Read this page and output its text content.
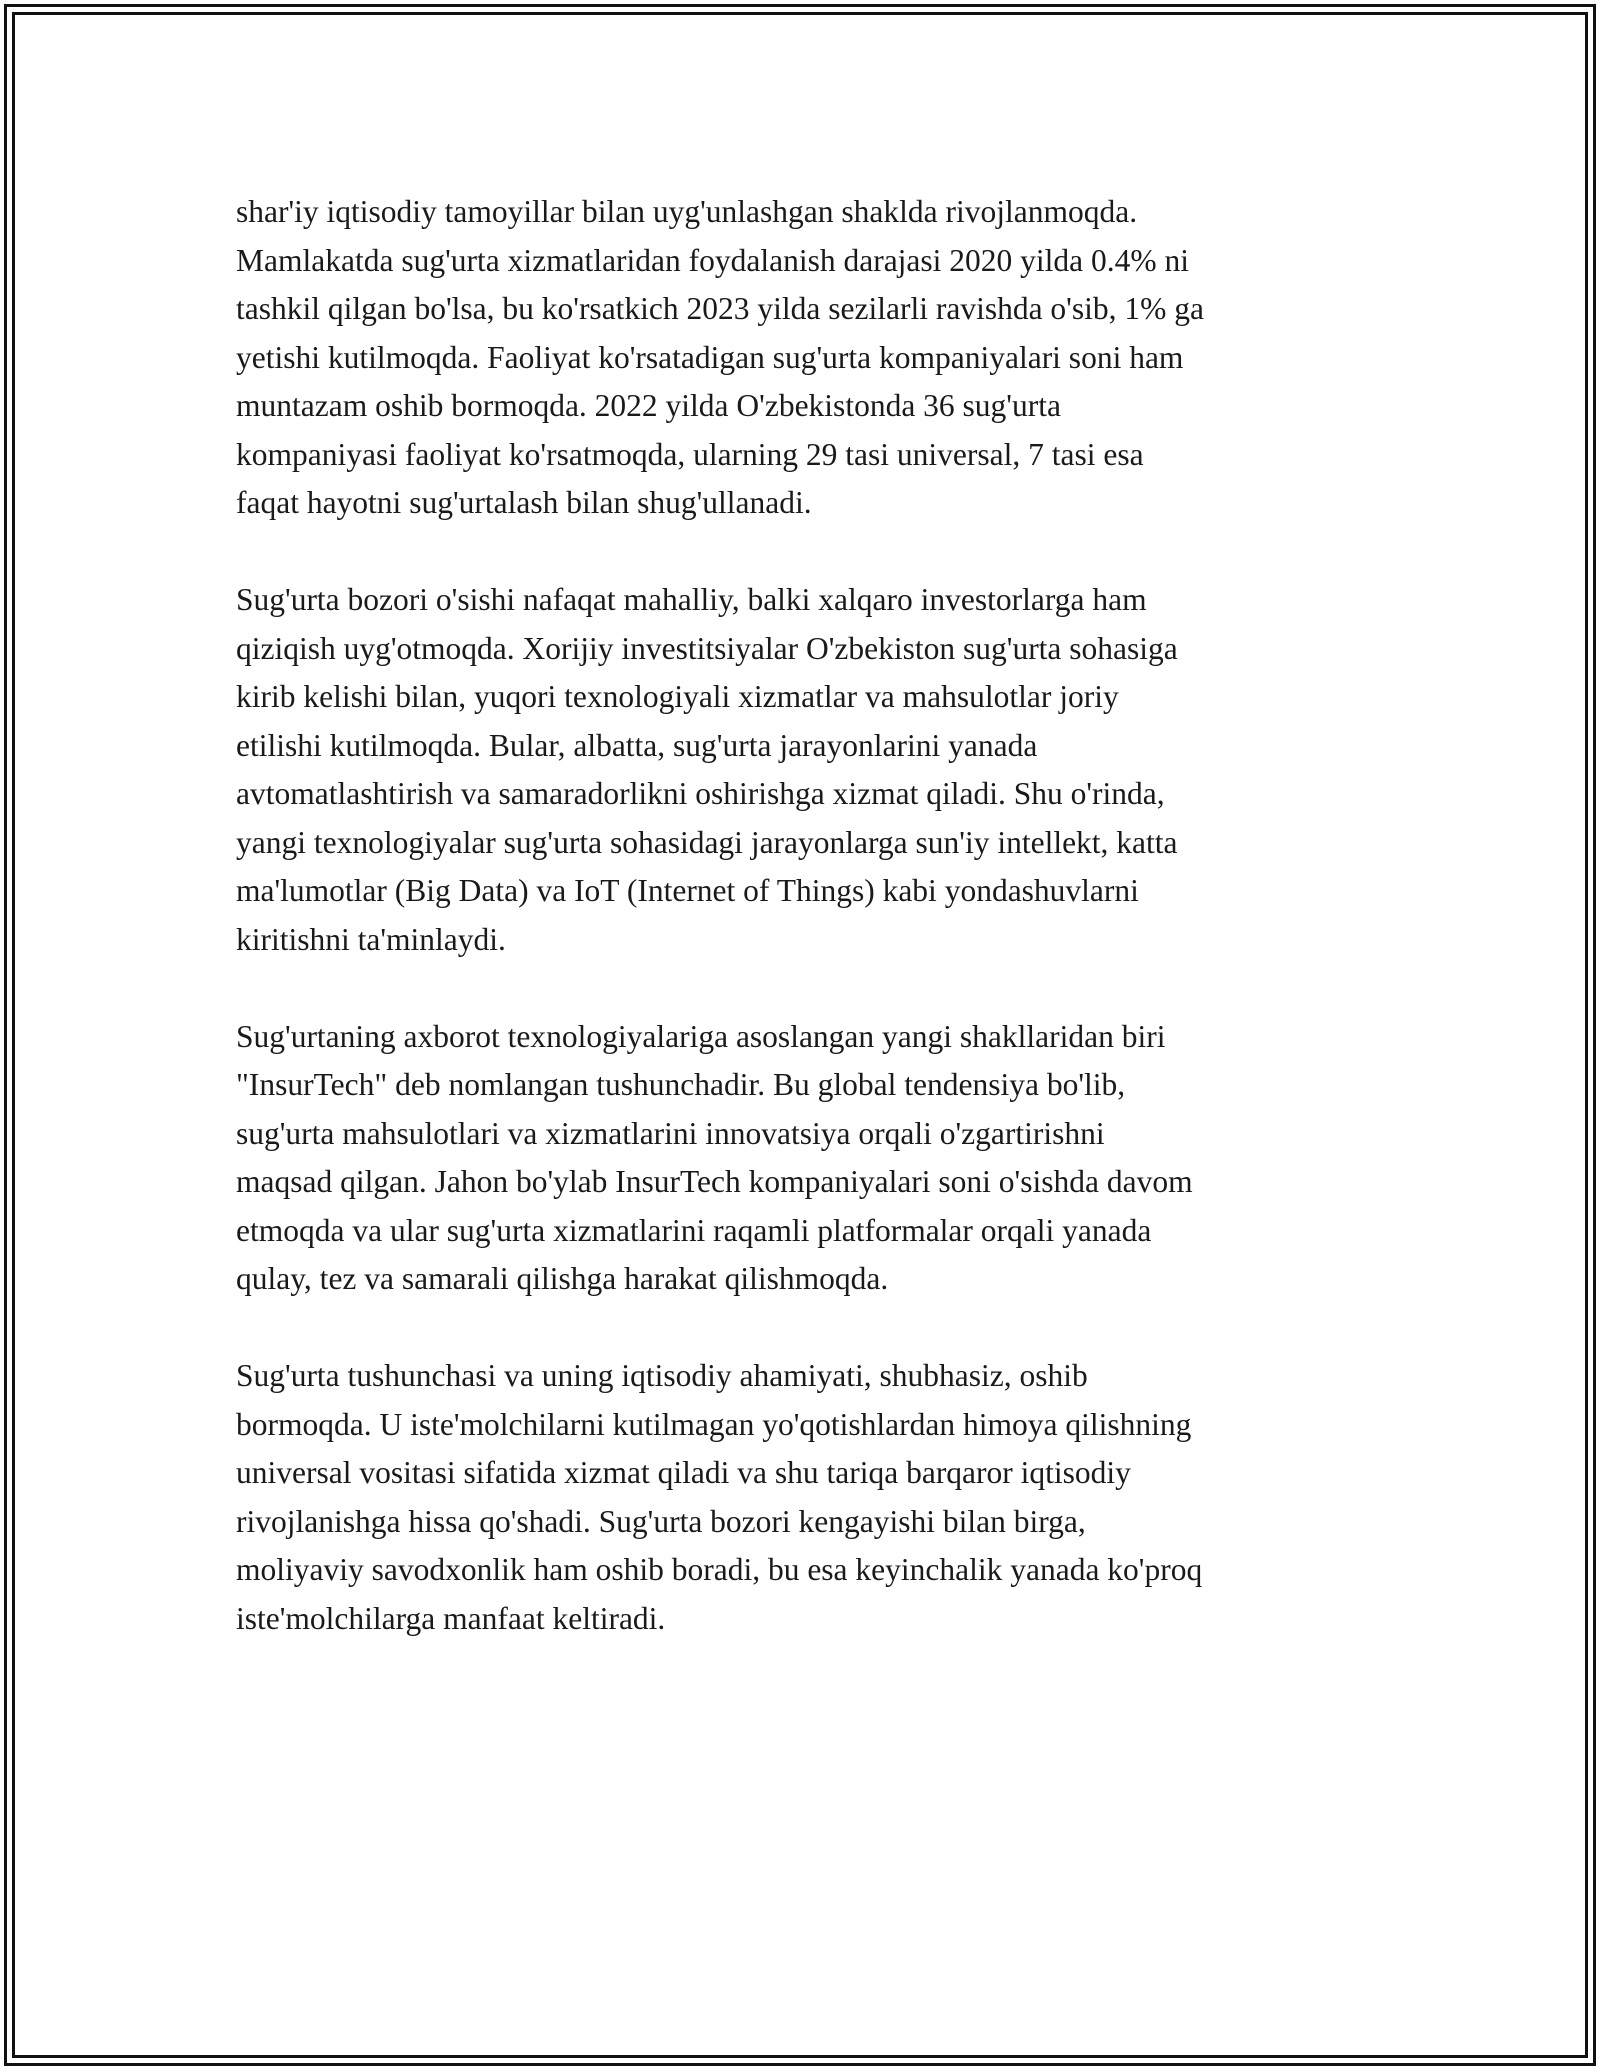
shar'iy iqtisodiy tamoyillar bilan uyg'unlashgan shaklda rivojlanmoqda.
Mamlakatda sug'urta xizmatlaridan foydalanish darajasi 2020 yilda 0.4% ni
tashkil qilgan bo'lsa, bu ko'rsatkich 2023 yilda sezilarli ravishda o'sib, 1% ga
yetishi kutilmoqda. Faoliyat ko'rsatadigan sug'urta kompaniyalari soni ham
muntazam oshib bormoqda. 2022 yilda O'zbekistonda 36 sug'urta
kompaniyasi faoliyat ko'rsatmoqda, ularning 29 tasi universal, 7 tasi esa
faqat hayotni sug'urtalash bilan shug'ullanadi.

Sug'urta bozori o'sishi nafaqat mahalliy, balki xalqaro investorlarga ham
qiziqish uyg'otmoqda. Xorijiy investitsiyalar O'zbekiston sug'urta sohasiga
kirib kelishi bilan, yuqori texnologiyali xizmatlar va mahsulotlar joriy
etilishi kutilmoqda. Bular, albatta, sug'urta jarayonlarini yanada
avtomatlashtirish va samaradorlikni oshirishga xizmat qiladi. Shu o'rinda,
yangi texnologiyalar sug'urta sohasidagi jarayonlarga sun'iy intellekt, katta
ma'lumotlar (Big Data) va IoT (Internet of Things) kabi yondashuvlarni
kiritishni ta'minlaydi.

Sug'urtaning axborot texnologiyalariga asoslangan yangi shakllaridan biri
"InsurTech" deb nomlangan tushunchadir. Bu global tendensiya bo'lib,
sug'urta mahsulotlari va xizmatlarini innovatsiya orqali o'zgartirishni
maqsad qilgan. Jahon bo'ylab InsurTech kompaniyalari soni o'sishda davom
etmoqda va ular sug'urta xizmatlarini raqamli platformalar orqali yanada
qulay, tez va samarali qilishga harakat qilishmoqda.

Sug'urta tushunchasi va uning iqtisodiy ahamiyati, shubhasiz, oshib
bormoqda. U iste'molchilarni kutilmagan yo'qotishlardan himoya qilishning
universal vositasi sifatida xizmat qiladi va shu tariqa barqaror iqtisodiy
rivojlanishga hissa qo'shadi. Sug'urta bozori kengayishi bilan birga,
moliyaviy savodxonlik ham oshib boradi, bu esa keyinchalik yanada ko'proq
iste'molchilarga manfaat keltiradi.
